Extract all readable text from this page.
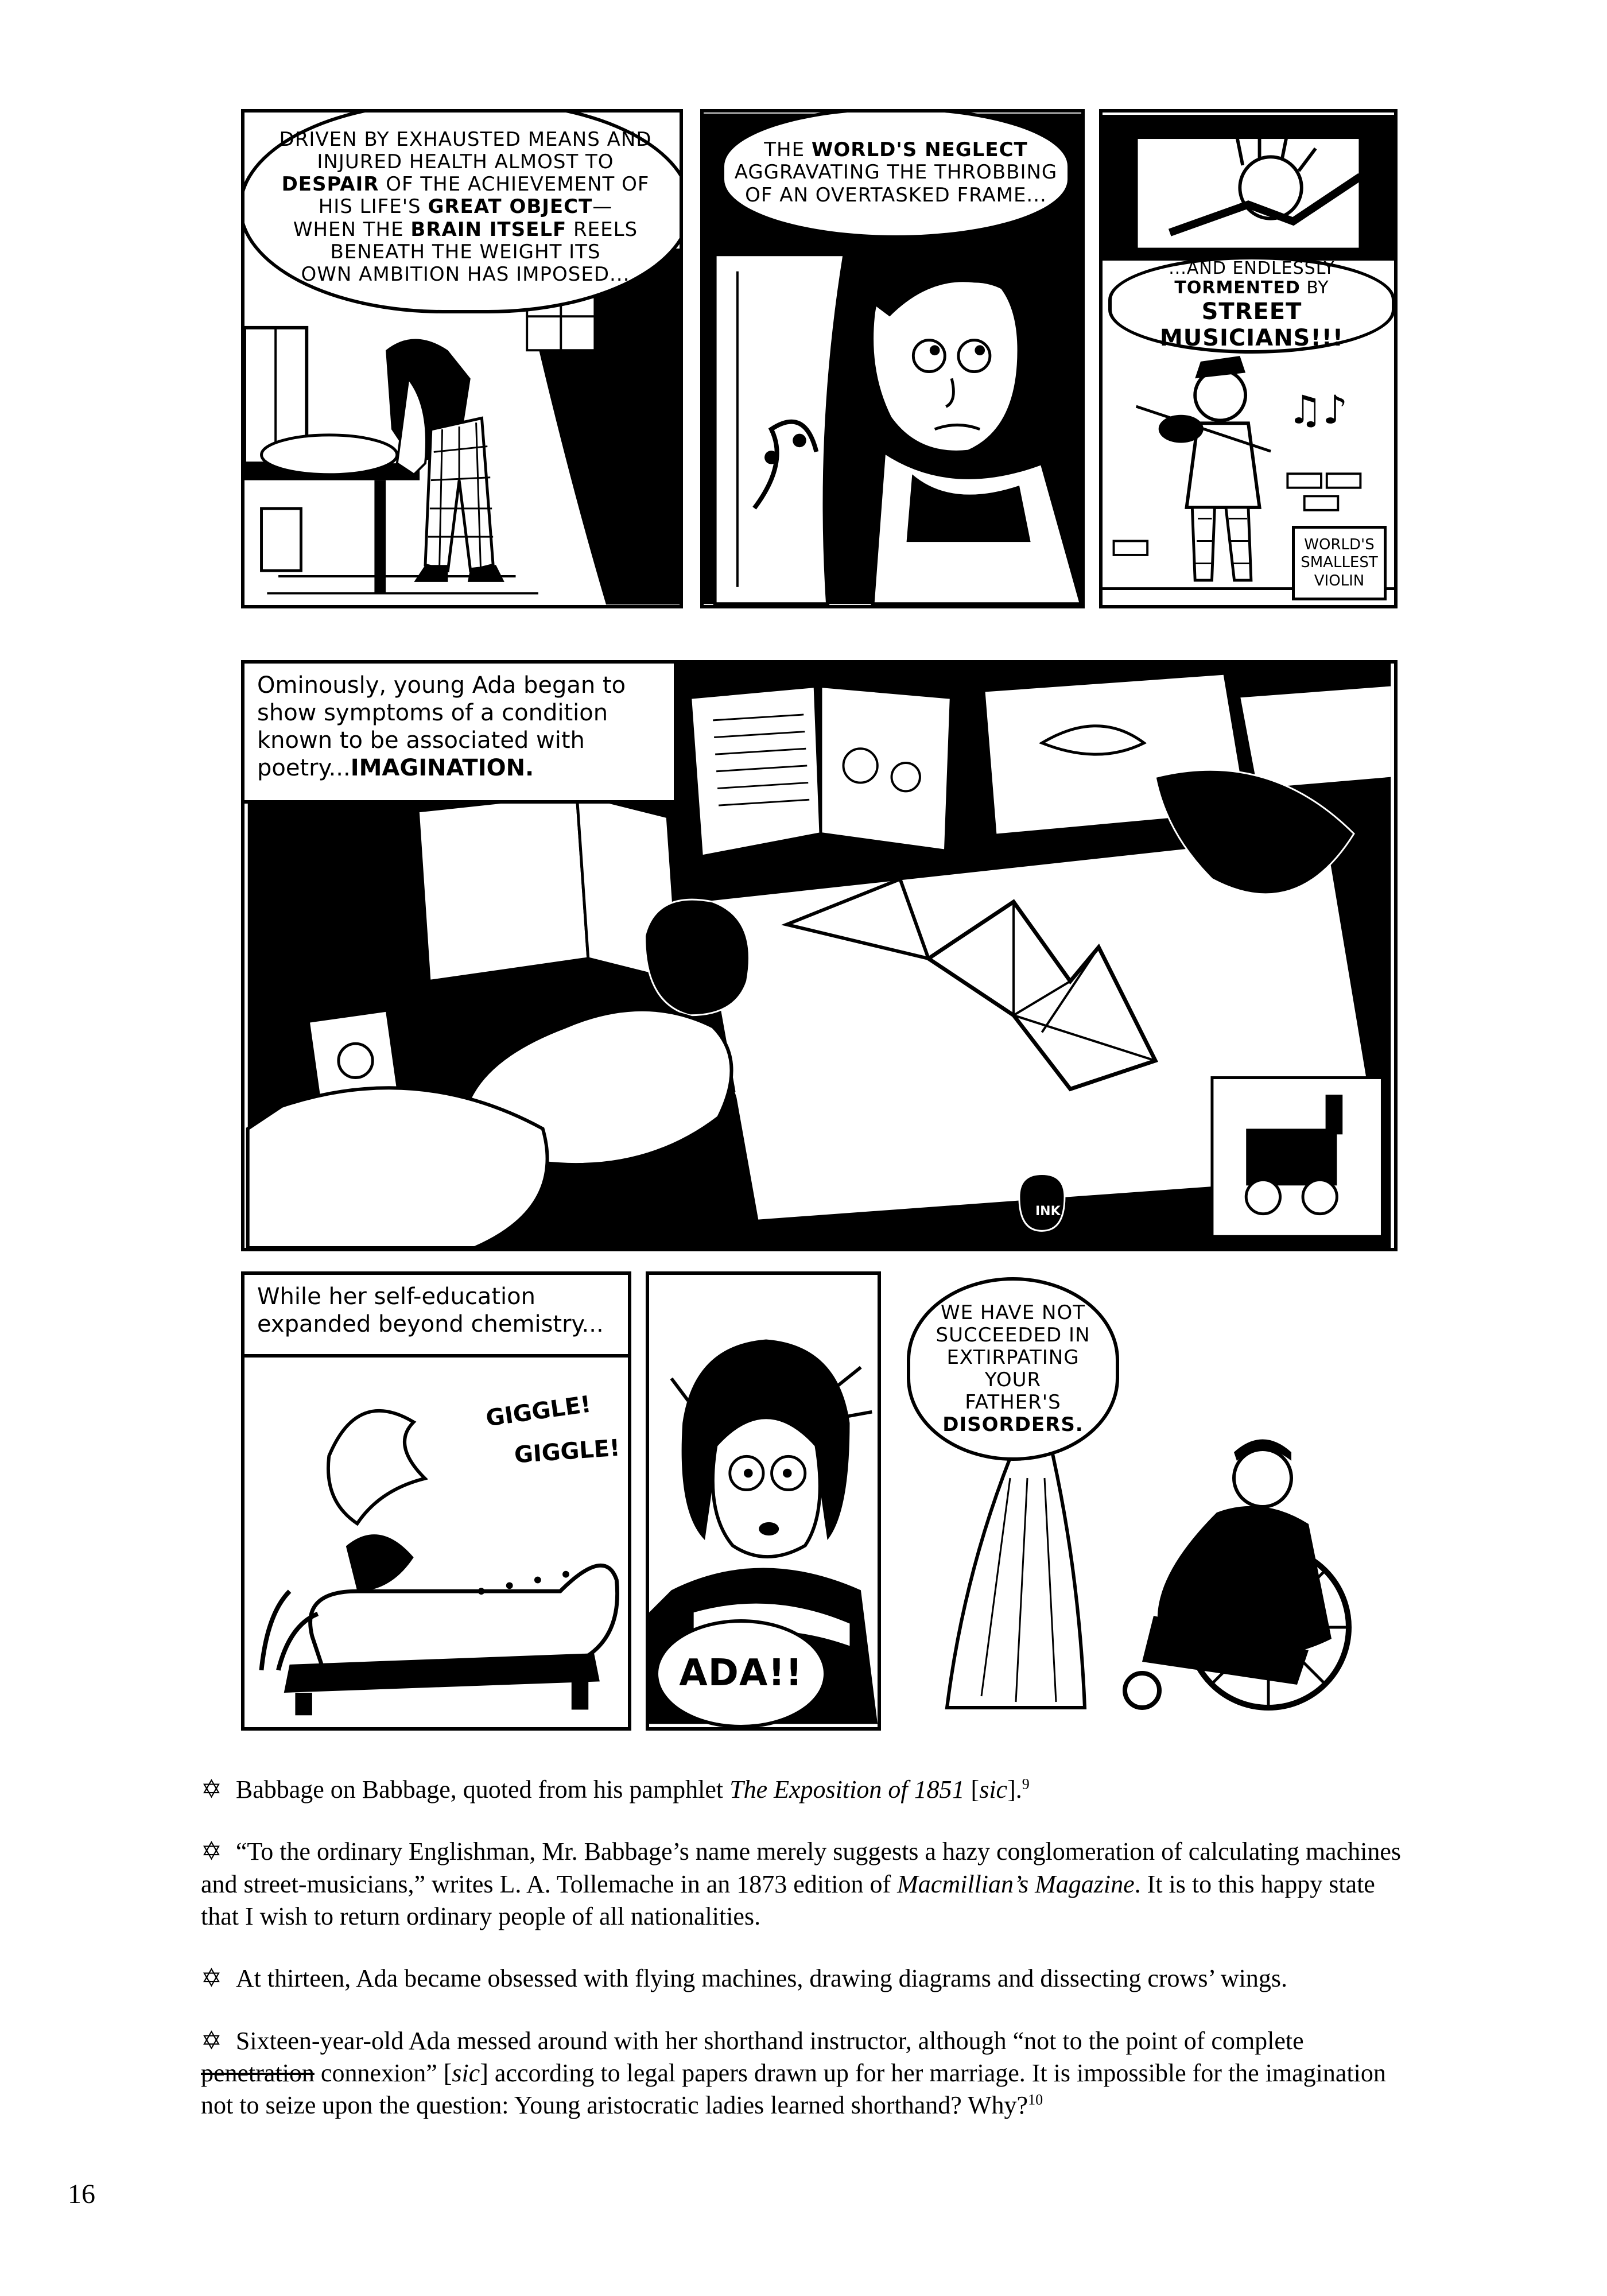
DRIVEN BY EXHAUSTED MEANS AND
INJURED HEALTH ALMOST TO
DESPAIR OF THE ACHIEVEMENT OF
HIS LIFE'S GREAT OBJECT—
WHEN THE BRAIN ITSELF REELS
BENEATH THE WEIGHT ITS
OWN AMBITION HAS IMPOSED...
THE WORLD'S NEGLECT
AGGRAVATING THE THROBBING
OF AN OVERTASKED FRAME...
♫♪
...AND ENDLESSLY
TORMENTED BY
STREET MUSICIANS!!!
WORLD'S
SMALLEST
VIOLIN
Ominously, young Ada began to
show symptoms of a condition
known to be associated with
poetry...IMAGINATION.
INK
While her self-education
expanded beyond chemistry...
GIGGLE!
GIGGLE!
ADA!!
WE HAVE NOT
SUCCEEDED IN
EXTIRPATING
YOUR
FATHER'S
DISORDERS.

✡ Babbage on Babbage, quoted from his pamphlet The Exposition of 1851 [sic].$^9$

✡ “To the ordinary Englishman, Mr. Babbage’s name merely suggests a hazy conglomeration of calculating machines and street-musicians,” writes L. A. Tollemache in an 1873 edition of Macmillian’s Magazine. It is to this happy state that I wish to return ordinary people of all nationalities.

✡ At thirteen, Ada became obsessed with flying machines, drawing diagrams and dissecting crows’ wings.

✡ Sixteen-year-old Ada messed around with her shorthand instructor, although “not to the point of complete penetration connexion” [sic] according to legal papers drawn up for her marriage. It is impossible for the imagination not to seize upon the question: Young aristocratic ladies learned shorthand? Why?$^{10}$

16
